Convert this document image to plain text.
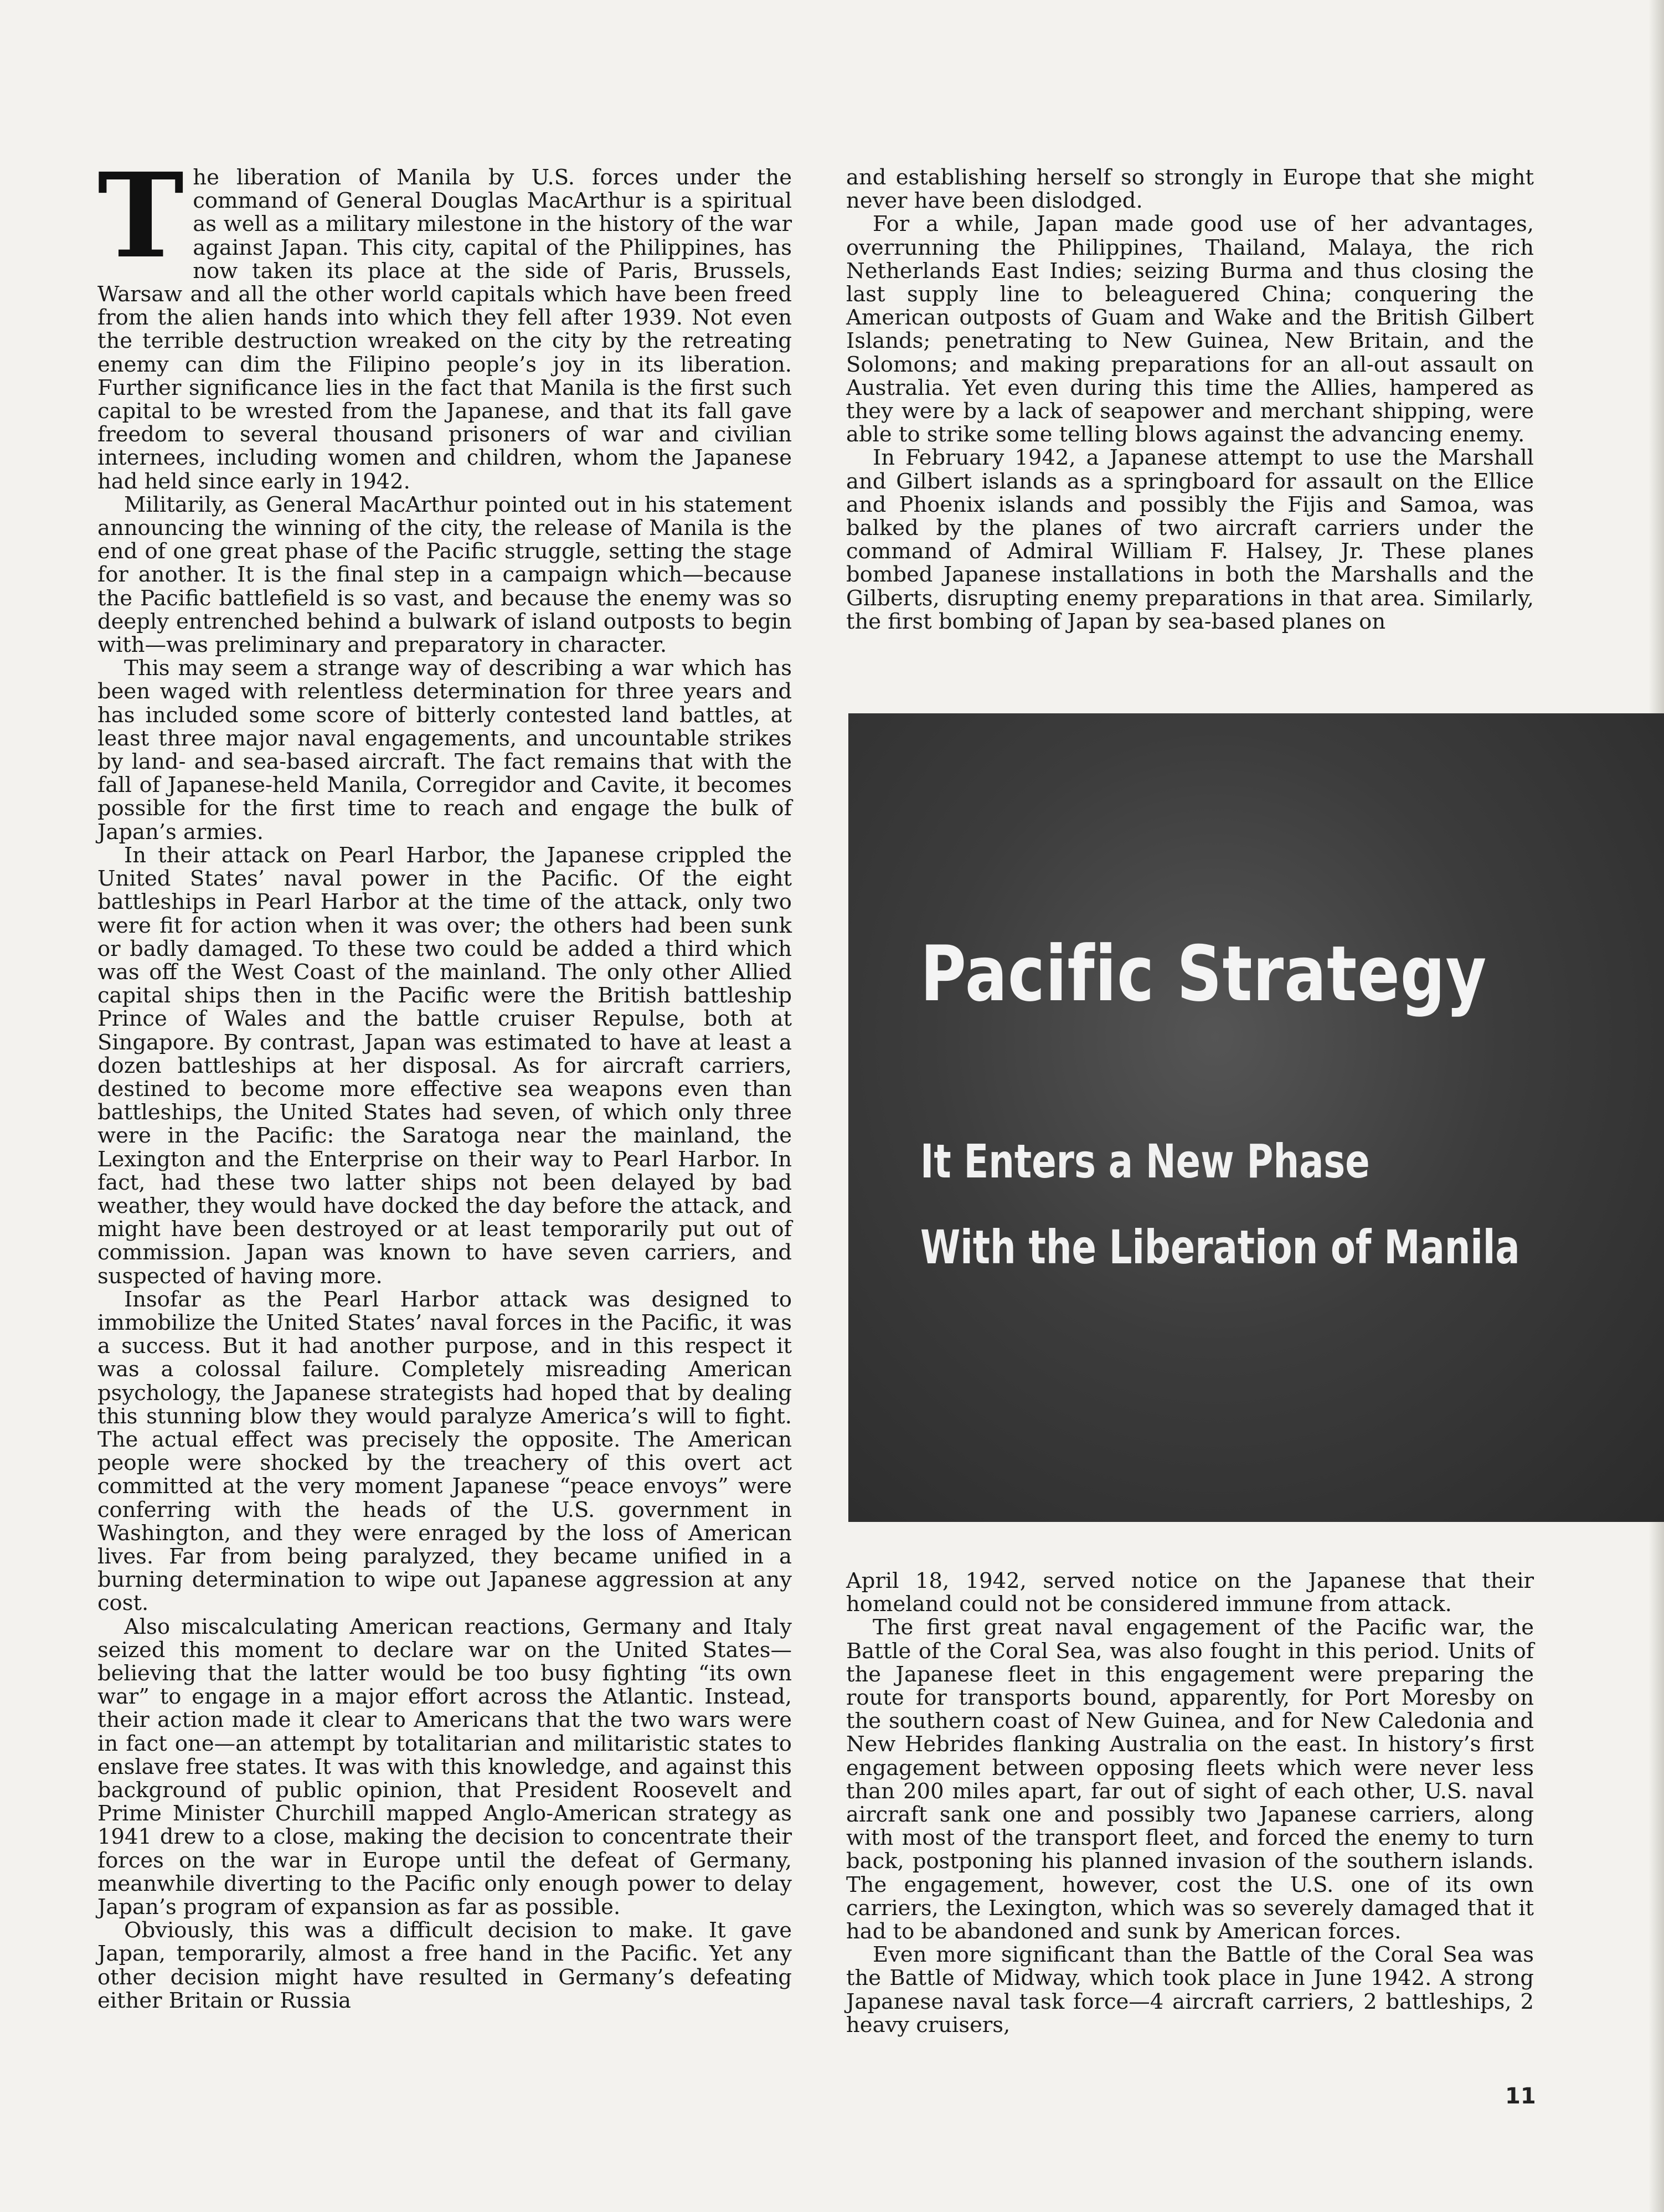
The liberation of Manila by U.S. forces under the command of General Douglas MacArthur is a spiritual as well as a military milestone in the history of the war against Japan. This city, capital of the Philippines, has now taken its place at the side of Paris, Brussels, Warsaw and all the other world capitals which have been freed from the alien hands into which they fell after 1939. Not even the terrible destruction wreaked on the city by the retreating enemy can dim the Filipino people’s joy in its liberation. Further significance lies in the fact that Manila is the first such capital to be wrested from the Japanese, and that its fall gave freedom to several thousand prisoners of war and civilian internees, including women and children, whom the Japanese had held since early in 1942.

Militarily, as General MacArthur pointed out in his statement announcing the winning of the city, the release of Manila is the end of one great phase of the Pacific struggle, setting the stage for another. It is the final step in a campaign which—because the Pacific battlefield is so vast, and because the enemy was so deeply entrenched behind a bulwark of island outposts to begin with—was preliminary and preparatory in character.

This may seem a strange way of describing a war which has been waged with relentless determination for three years and has included some score of bitterly contested land battles, at least three major naval engagements, and uncountable strikes by land- and sea-based aircraft. The fact remains that with the fall of Japanese-held Manila, Corregidor and Cavite, it becomes possible for the first time to reach and engage the bulk of Japan’s armies.

In their attack on Pearl Harbor, the Japanese crippled the United States’ naval power in the Pacific. Of the eight battleships in Pearl Harbor at the time of the attack, only two were fit for action when it was over; the others had been sunk or badly damaged. To these two could be added a third which was off the West Coast of the mainland. The only other Allied capital ships then in the Pacific were the British battleship Prince of Wales and the battle cruiser Repulse, both at Singapore. By contrast, Japan was estimated to have at least a dozen battleships at her disposal. As for aircraft carriers, destined to become more effective sea weapons even than battleships, the United States had seven, of which only three were in the Pacific: the Saratoga near the mainland, the Lexington and the Enterprise on their way to Pearl Harbor. In fact, had these two latter ships not been delayed by bad weather, they would have docked the day before the attack, and might have been destroyed or at least temporarily put out of commission. Japan was known to have seven carriers, and suspected of having more.

Insofar as the Pearl Harbor attack was designed to immobilize the United States’ naval forces in the Pacific, it was a success. But it had another purpose, and in this respect it was a colossal failure. Completely misreading American psychology, the Japanese strategists had hoped that by dealing this stunning blow they would paralyze America’s will to fight. The actual effect was precisely the opposite. The American people were shocked by the treachery of this overt act committed at the very moment Japanese “peace envoys” were conferring with the heads of the U.S. government in Washington, and they were enraged by the loss of American lives. Far from being paralyzed, they became unified in a burning determination to wipe out Japanese aggression at any cost.

Also miscalculating American reactions, Germany and Italy seized this moment to declare war on the United States—believing that the latter would be too busy fighting “its own war” to engage in a major effort across the Atlantic. Instead, their action made it clear to Americans that the two wars were in fact one—an attempt by totalitarian and militaristic states to enslave free states. It was with this knowledge, and against this background of public opinion, that President Roosevelt and Prime Minister Churchill mapped Anglo-American strategy as 1941 drew to a close, making the decision to concentrate their forces on the war in Europe until the defeat of Germany, meanwhile diverting to the Pacific only enough power to delay Japan’s program of expansion as far as possible.

Obviously, this was a difficult decision to make. It gave Japan, temporarily, almost a free hand in the Pacific. Yet any other decision might have resulted in Germany’s defeating either Britain or Russia

and establishing herself so strongly in Europe that she might never have been dislodged.

For a while, Japan made good use of her advantages, overrunning the Philippines, Thailand, Malaya, the rich Netherlands East Indies; seizing Burma and thus closing the last supply line to beleaguered China; conquering the American outposts of Guam and Wake and the British Gilbert Islands; penetrating to New Guinea, New Britain, and the Solomons; and making preparations for an all-out assault on Australia. Yet even during this time the Allies, hampered as they were by a lack of seapower and merchant shipping, were able to strike some telling blows against the advancing enemy.

In February 1942, a Japanese attempt to use the Marshall and Gilbert islands as a springboard for assault on the Ellice and Phoenix islands and possibly the Fijis and Samoa, was balked by the planes of two aircraft carriers under the command of Admiral William F. Halsey, Jr. These planes bombed Japanese installations in both the Marshalls and the Gilberts, disrupting enemy preparations in that area. Similarly, the first bombing of Japan by sea-based planes on

Pacific Strategy
It Enters a New Phase
With the Liberation of Manila

April 18, 1942, served notice on the Japanese that their homeland could not be considered immune from attack.

The first great naval engagement of the Pacific war, the Battle of the Coral Sea, was also fought in this period. Units of the Japanese fleet in this engagement were preparing the route for transports bound, apparently, for Port Moresby on the southern coast of New Guinea, and for New Caledonia and New Hebrides flanking Australia on the east. In history’s first engagement between opposing fleets which were never less than 200 miles apart, far out of sight of each other, U.S. naval aircraft sank one and possibly two Japanese carriers, along with most of the transport fleet, and forced the enemy to turn back, postponing his planned invasion of the southern islands. The engagement, however, cost the U.S. one of its own carriers, the Lexington, which was so severely damaged that it had to be abandoned and sunk by American forces.

Even more significant than the Battle of the Coral Sea was the Battle of Midway, which took place in June 1942. A strong Japanese naval task force—4 aircraft carriers, 2 battleships, 2 heavy cruisers,

11
